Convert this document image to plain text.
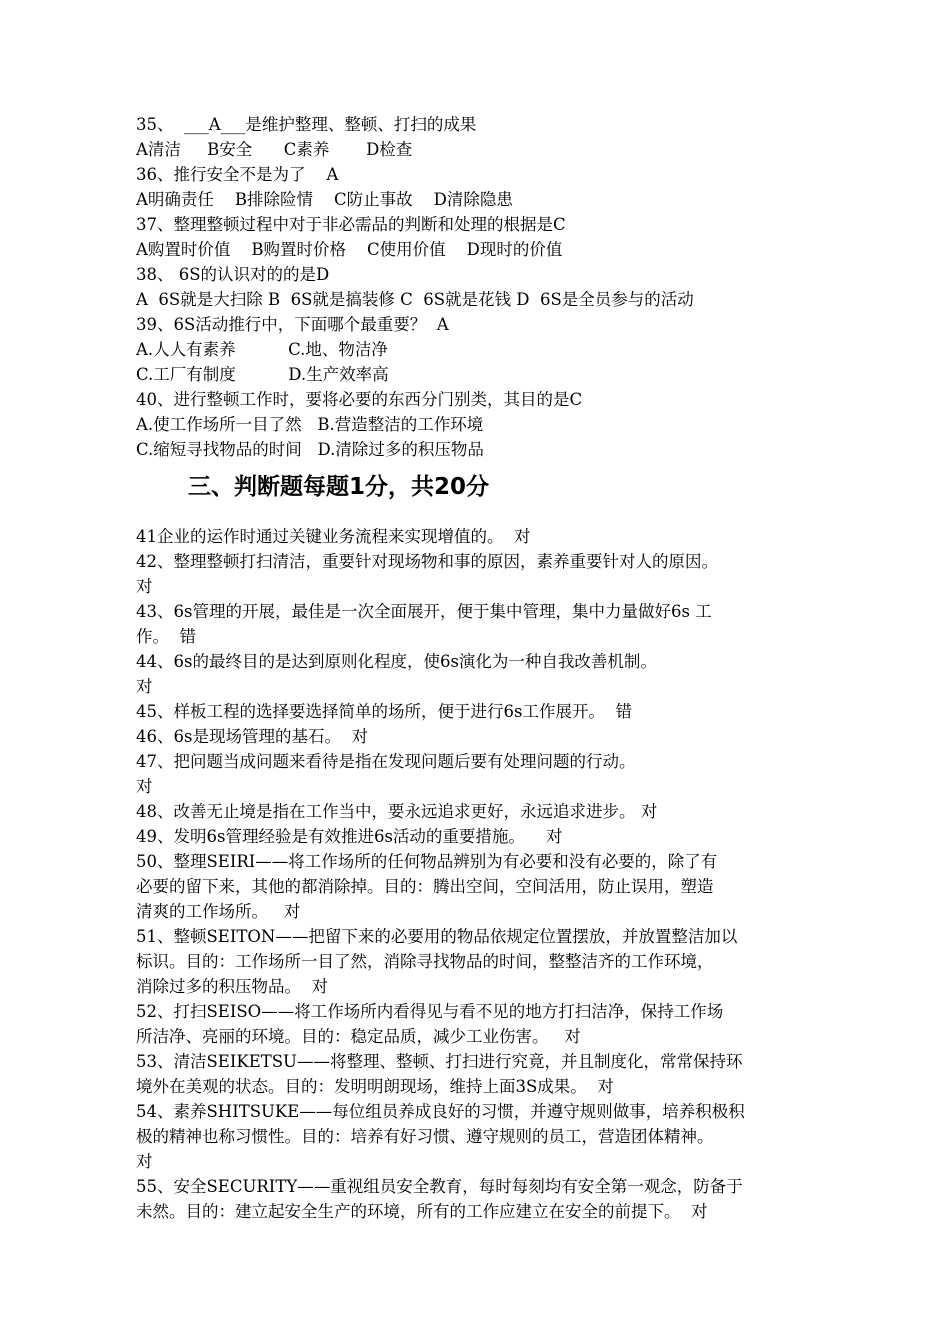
35、  ___A___是维护整理、整顿、打扫的成果
A清洁     B安全      C素养       D检查
36、推行安全不是为了    A
A明确责任    B排除险情    C防止事故    D清除隐患
37、整理整顿过程中对于非必需品的判断和处理的根据是C
A购置时价值    B购置时价格    C使用价值    D现时的价值
38、 6S的认识对的的是D
A  6S就是大扫除 B  6S就是搞装修 C  6S就是花钱 D  6S是全员参与的活动
39、6S活动推行中，下面哪个最重要？  A
A.人人有素养          C.地、物洁净
C.工厂有制度          D.生产效率高
40、进行整顿工作时，要将必要的东西分门别类，其目的是C
A.使工作场所一目了然   B.营造整洁的工作环境
C.缩短寻找物品的时间   D.清除过多的积压物品
三、判断题每题1分，共20分
41企业的运作时通过关键业务流程来实现增值的。  对
42、整理整顿打扫清洁，重要针对现场物和事的原因，素养重要针对人的原因。
对
43、6s管理的开展，最佳是一次全面展开，便于集中管理，集中力量做好6s 工
作。  错
44、6s的最终目的是达到原则化程度，使6s演化为一种自我改善机制。
对
45、样板工程的选择要选择简单的场所，便于进行6s工作展开。  错
46、6s是现场管理的基石。  对
47、把问题当成问题来看待是指在发现问题后要有处理问题的行动。
对
48、改善无止境是指在工作当中，要永远追求更好，永远追求进步。 对
49、发明6s管理经验是有效推进6s活动的重要措施。    对
50、整理SEIRI——将工作场所的任何物品辨别为有必要和没有必要的，除了有
必要的留下来，其他的都消除掉。目的：腾出空间，空间活用，防止误用，塑造
清爽的工作场所。   对
51、整顿SEITON——把留下来的必要用的物品依规定位置摆放，并放置整洁加以
标识。目的：工作场所一目了然，消除寻找物品的时间，整整洁齐的工作环境，
消除过多的积压物品。  对
52、打扫SEISO——将工作场所内看得见与看不见的地方打扫洁净，保持工作场
所洁净、亮丽的环境。目的：稳定品质，减少工业伤害。   对
53、清洁SEIKETSU——将整理、整顿、打扫进行究竟，并且制度化，常常保持环
境外在美观的状态。目的：发明明朗现场，维持上面3S成果。  对
54、素养SHITSUKE——每位组员养成良好的习惯，并遵守规则做事，培养积极积
极的精神也称习惯性。目的：培养有好习惯、遵守规则的员工，营造团体精神。
对
55、安全SECURITY——重视组员安全教育，每时每刻均有安全第一观念，防备于
未然。目的：建立起安全生产的环境，所有的工作应建立在安全的前提下。  对
